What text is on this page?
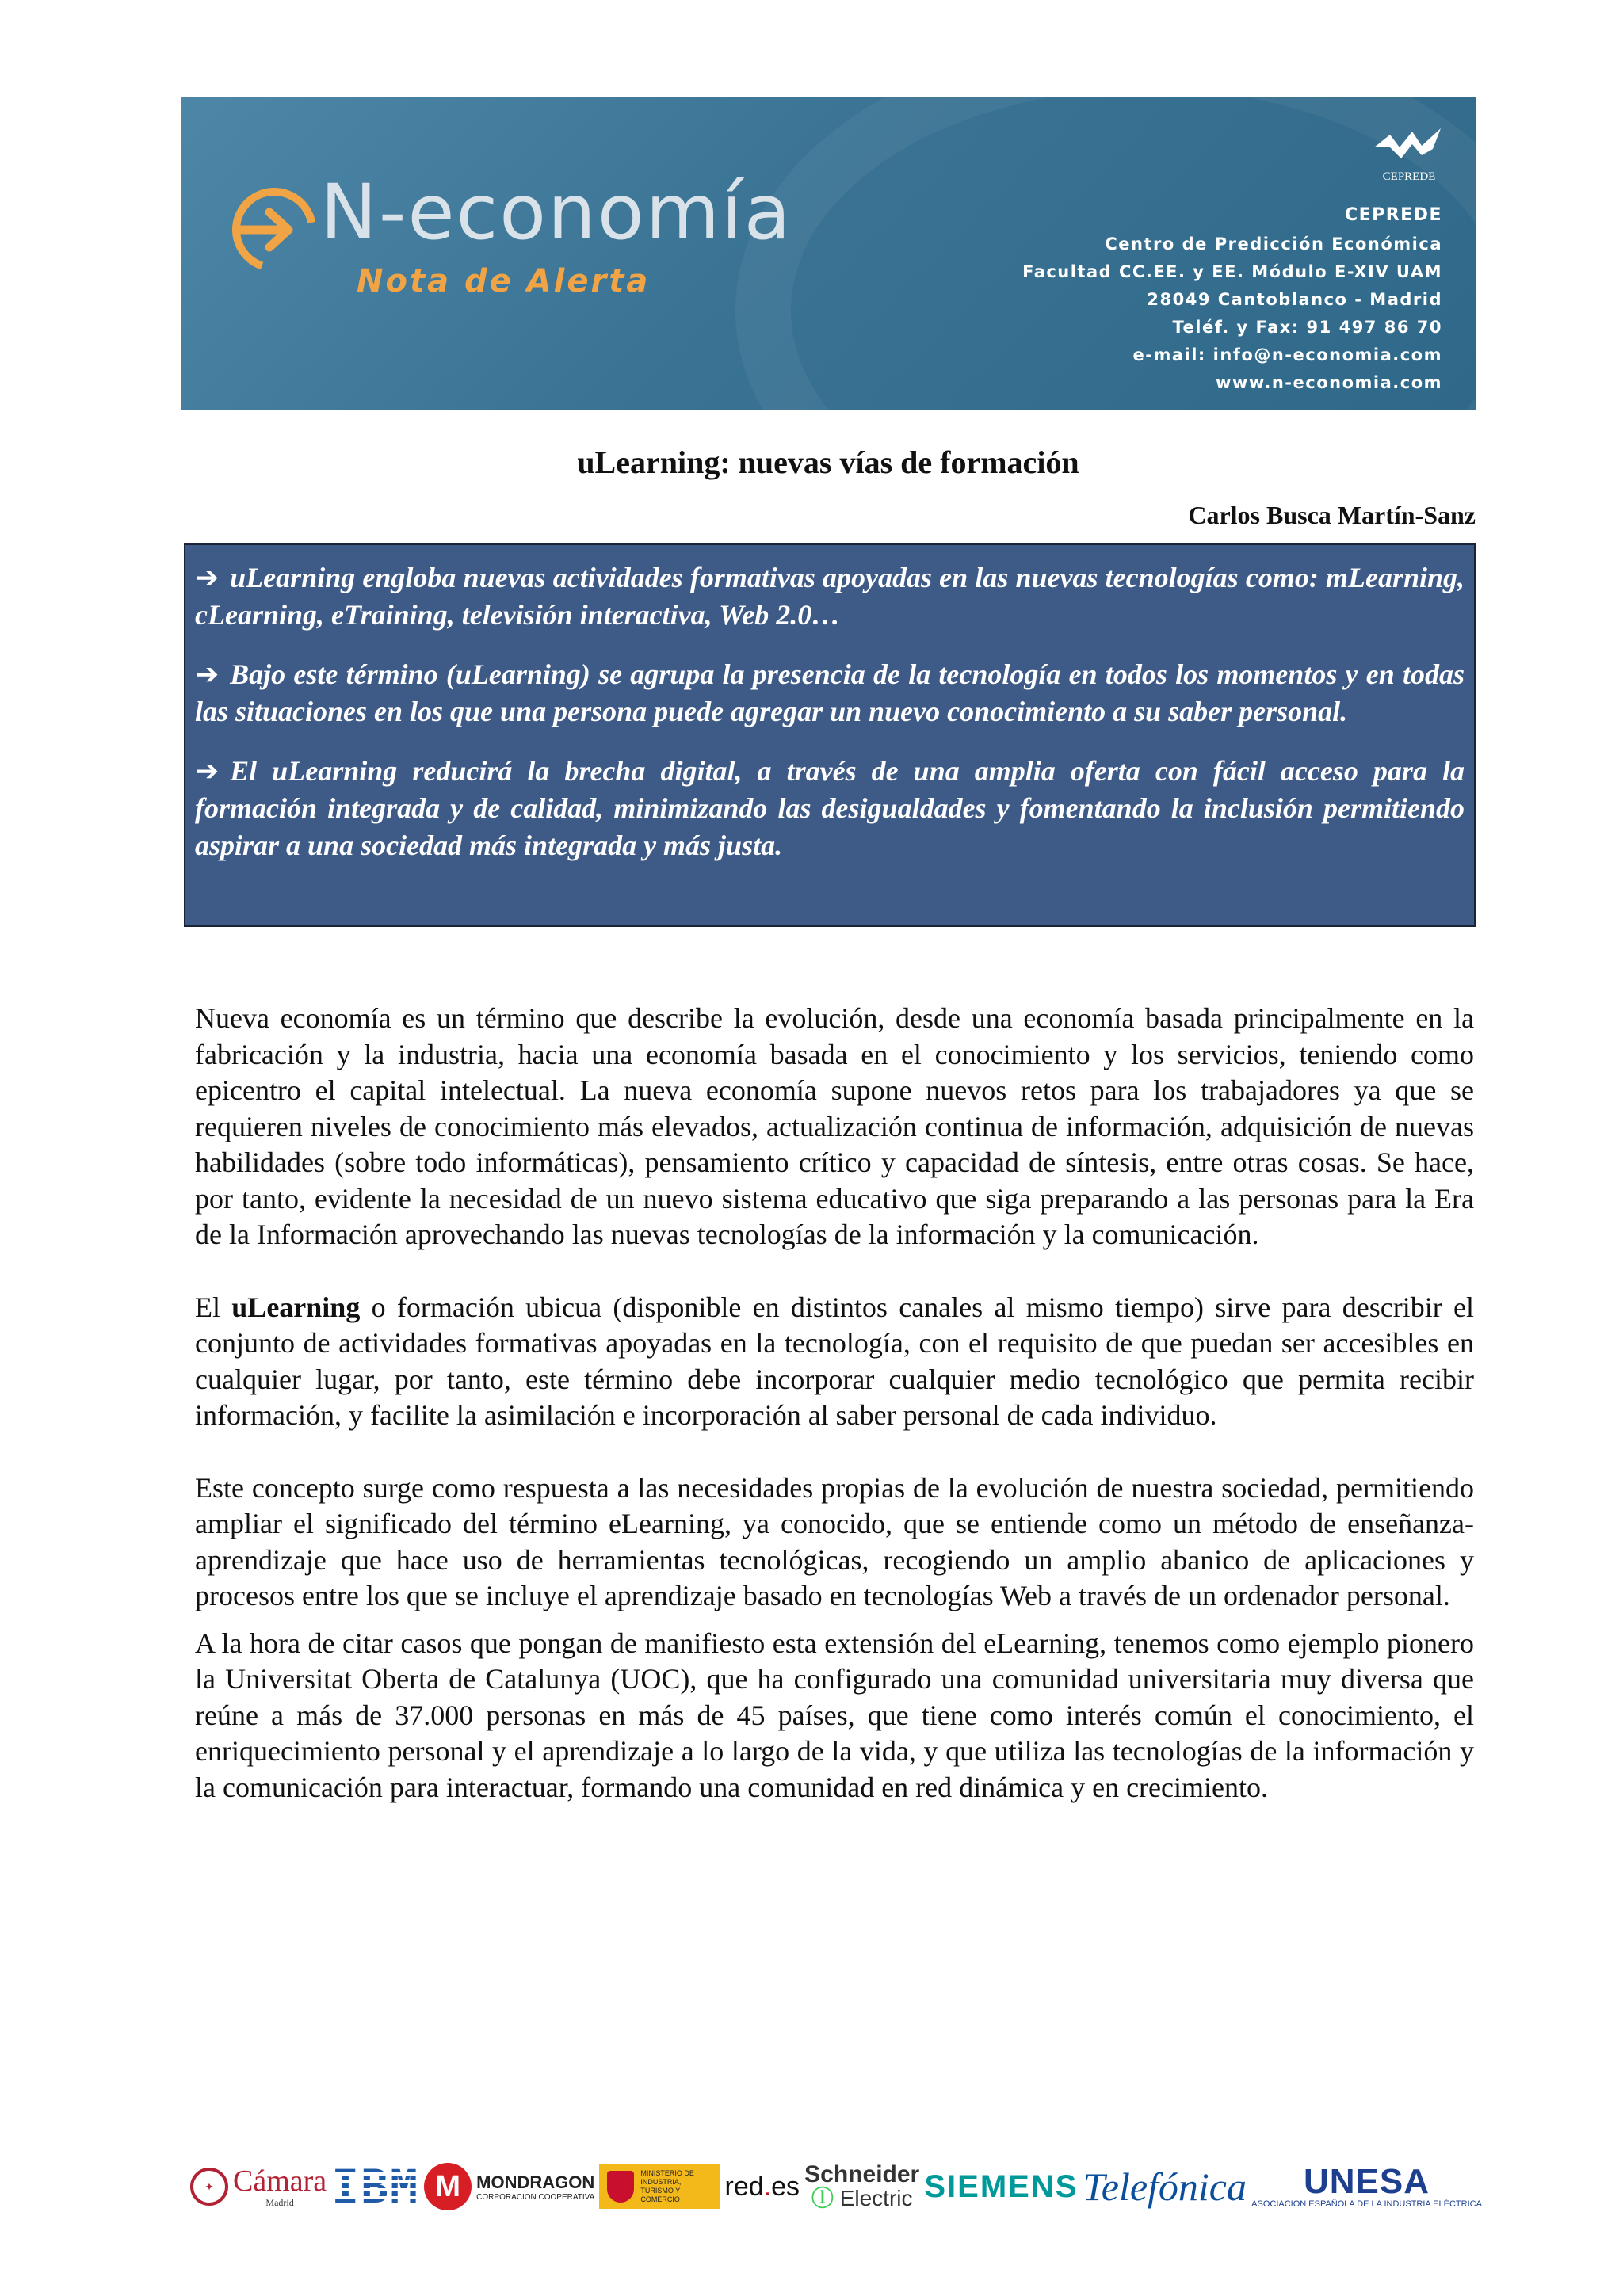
N-economía
Nota de Alerta
CEPREDE
CEPREDE
Centro de Predicción Económica
Facultad CC.EE. y EE. Módulo E-XIV UAM
28049 Cantoblanco - Madrid
Teléf. y Fax: 91 497 86 70
e-mail: info@n-economia.com
www.n-economia.com
uLearning: nuevas vías de formación

Carlos Busca Martín-Sanz

➔ uLearning engloba nuevas actividades formativas apoyadas en las nuevas tecnologías como: mLearning, cLearning, eTraining, televisión interactiva, Web 2.0…

➔ Bajo este término (uLearning) se agrupa la presencia de la tecnología en todos los momentos y en todas las situaciones en los que una persona puede agregar un nuevo conocimiento a su saber personal.

➔ El uLearning reducirá la brecha digital, a través de una amplia oferta con fácil acceso para la formación integrada y de calidad, minimizando las desigualdades y fomentando la inclusión permitiendo aspirar a una sociedad más integrada y más justa.

Nueva economía es un término que describe la evolución, desde una economía basada principalmente en la fabricación y la industria, hacia una economía basada en el conocimiento y los servicios, teniendo como epicentro el capital intelectual. La nueva economía supone nuevos retos para los trabajadores ya que se requieren niveles de conocimiento más elevados, actualización continua de información, adquisición de nuevas habilidades (sobre todo informáticas), pensamiento crítico y capacidad de síntesis, entre otras cosas. Se hace, por tanto, evidente la necesidad de un nuevo sistema educativo que siga preparando a las personas para la Era de la Información aprovechando las nuevas tecnologías de la información y la comunicación.

El uLearning o formación ubicua (disponible en distintos canales al mismo tiempo) sirve para describir el conjunto de actividades formativas apoyadas en la tecnología, con el requisito de que puedan ser accesibles en cualquier lugar, por tanto, este término debe incorporar cualquier medio tecnológico que permita recibir información, y facilite la asimilación e incorporación al saber personal de cada individuo.

Este concepto surge como respuesta a las necesidades propias de la evolución de nuestra sociedad, permitiendo ampliar el significado del término eLearning, ya conocido, que se entiende como un método de enseñanza-aprendizaje que hace uso de herramientas tecnológicas, recogiendo un amplio abanico de aplicaciones y procesos entre los que se incluye el aprendizaje basado en tecnologías Web a través de un ordenador personal.

A la hora de citar casos que pongan de manifiesto esta extensión del eLearning, tenemos como ejemplo pionero la Universitat Oberta de Catalunya (UOC), que ha configurado una comunidad universitaria muy diversa que reúne a más de 37.000 personas en más de 45 países, que tiene como interés común el conocimiento, el enriquecimiento personal y el aprendizaje a lo largo de la vida, y que utiliza las tecnologías de la información y la comunicación para interactuar, formando una comunidad en red dinámica y en crecimiento.

✦ Cámara
Madrid IBM M MONDRAGON
CORPORACION COOPERATIVA
MINISTERIO DE INDUSTRIA, TURISMO Y COMERCIO	red . es Schneider
ⓛ Electric SIEMENS Telefónica UNESA
ASOCIACIÓN ESPAÑOLA DE LA INDUSTRIA ELÉCTRICA
